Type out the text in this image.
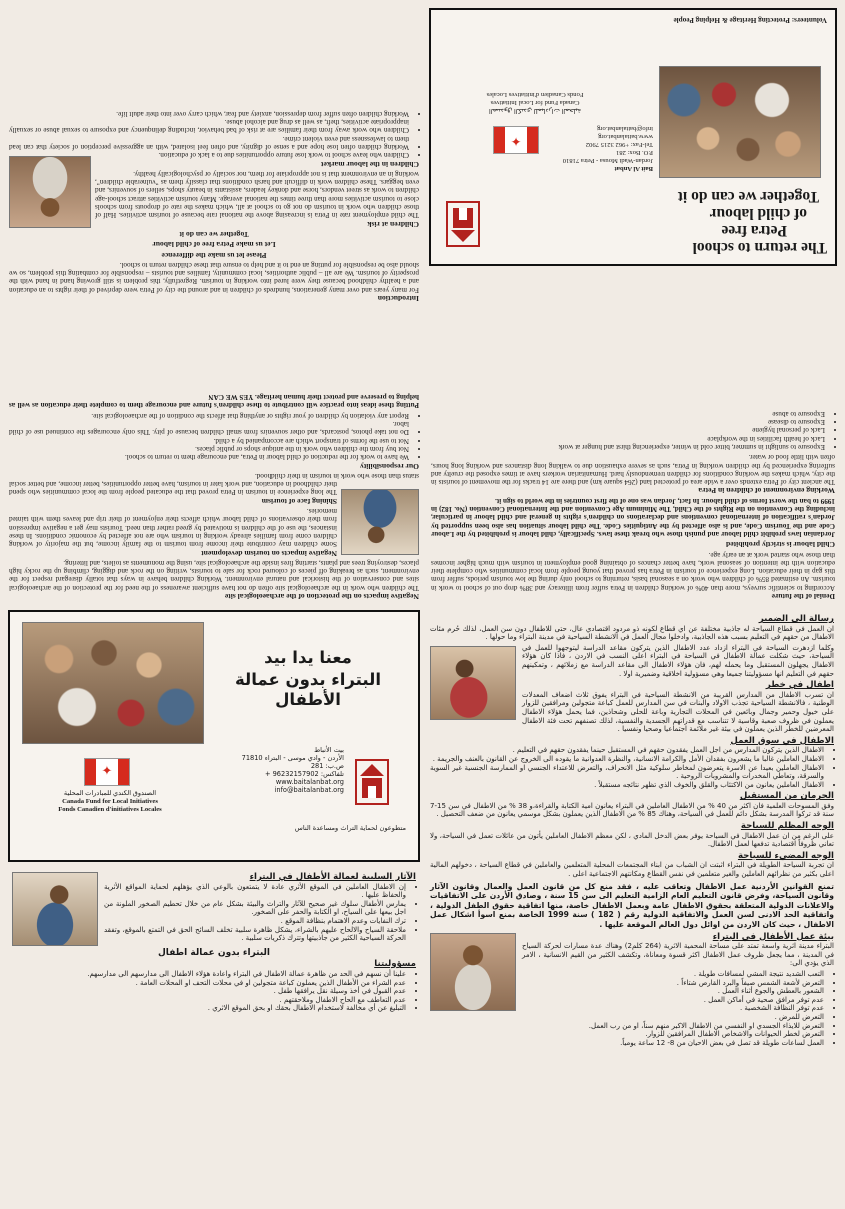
The return to school
Petra free
of child labour
Together we can do it
Bait Al Anbat
Jordan-Wadi Mousa - Petra 71810
P.O. Box: 281
Tel-Fax: +962 3215 7902
www.baitalanbat.org
info@baitalanbat.org
✦
الصندوق الكندي للمبادرات المحلية
Canada Fund for Local Initiatives
Fonds Canadien d'initiatives Locales
Volunteers: Protecting Heritage & Helping People
Introduction

For many years and over many generations, hundreds of children in and around the city of Petra were deprived of their rights to an education and a healthy childhood because they were lured into working in tourism. Regretfully, this problem is still growing hand in hand with the prosperity of tourism. We are all – public authorities, local community, families and tourists – responsible for combating this problem, so we should also be responsible for putting an end to it and help to ensure that these children return to school.

Please let us make the difference
Let us make Petra free of child labour
Together we can do it
Children at risk

The child employment rate in Petra is increasing above the national rate because of tourism activities. Half of those children who work in tourism do not go to school at all, which makes the rate of dropouts from schools close to tourism activities more than three times the national average. Many tourism activities attract school-age children to work as street vendors, horse and donkey leaders, assistants in beauty shops, sellers of souvenirs, and even beggars. These children work in difficult and harsh conditions that classify them as "vulnerable children", working in an environment that is not appropriate for them, nor socially or psychologically healthy.

Children in the labour market
• Children who leave school to work lose future opportunities due to a lack of education.
• Working children often lose hope and a sense of dignity, and often feel isolated, with an aggressive perception of society that can lead them to lawlessness and even violent crime.
• Children who work away from their families are at risk of bad behavior, including delinquency and exposure to sexual abuse or sexually inappropriate activities, theft, as well as drug and alcohol abuse.
• Working children often suffer from depression, anxiety and fear, which carry over into their adult life.
Denial of the future

According to scientific surveys, more than 40% of working children in Petra suffer from illiteracy and 38% drop out of school to work in tourism. An estimated 85% of children who work on a seasonal basis, returning to school only during the low tourism periods, suffer from this gap in their education. Long experience of tourism in Petra has proved that young people from local communities who complete their education with the intention of seasonal work, have better chances of obtaining good employment in tourism with much higher incomes than those who started work at an early age.

Child labour is strictly prohibited

Jordanian laws prohibit child labour and punish those who break these laws. Specifically, child labour is prohibited by the Labour Code and the Tourism Code, and is also affected by the Antiquities Code. The child labour situation has also been supported by Jordan's ratification of international conventions and declarations on children's rights in general and child labour in particular, including the Convention on the Rights of the Child, The Minimum Age Convention and the International Convention (No. 182) in 1999 to ban the worst forms of child labour. In fact, Jordan was one of the first countries in the world to sign it.

Working environment of children in Petra

The ancient city of Petra extends over a wide area of protected land (264 square km) and there are 14 tracks for the movement of tourists in the city, which makes the working conditions for children tremendously hard. Humanitarian workers have at times exposed the cruelty and suffering experienced by the children working in Petra, such as severe exhaustion due to walking long distances and working long hours, often with little food or water.

• Exposure to sunlight in summer, bitter cold in winter, experiencing thirst and hunger at work
• Lack of health facilities in the workplace
• Lack of personal hygiene
• Exposure to disease
• Exposure to abuse
Negative impacts on the protection of the archaeological site

The children who work in the archaeological site often do not have sufficient awareness of the need for the protection of the archaeological sites and conservation of the historical and natural environment. Working children behave in ways that totally disregard respect for the environment, such as breaking off pieces of coloured rock for sale to tourists, writing on the rock and digging, climbing up the rocky high places, destroying trees and plants, starting fires inside the archaeological site, using the monuments as toilets, and littering.

Negative impacts on tourism development

Some children may contribute their income from tourism to the family income, but the majority of working children come from families already working in tourism who are not affected by economic conditions. In these instances, the use of the children is motivated by greed rather than need. Tourists may get a negative impression from their observations of child labour which affects their enjoyment of their trip and leaves them with tainted memories.

Shining face of tourism

The long experience in tourism in Petra proved that the educated people from the local communities who spend their childhood in education, and work later in tourism, have better opportunities, better income, and better social status than those who work in tourism in their childhood.

Our responsibility
• We have to work for the reduction of child labour in Petra, and encourage them to return to school.
• Not buy from the children who work in the antique shops or public places.
• Not to use the forms of transport which are accompanied by a child.
• Do not take photos, postcards, and other souvenirs from small children because of pity. This only encourages the continued use of child labor.
• Report any violation by children of your rights or anything that affects the condition of the archaeological site.

Putting these ideas into practice will contribute to these children's future and encourage them to complete their education as well as helping to preserve and protect their human heritage. YES WE CAN

رسالة الى الضمير

ان العمل في قطاع السياحة له جاذبية مختلفة عن اي قطاع لكونه ذو مردود اقتصادي عال، حتى للاطفال دون سن العمل، لذلك حُرم مئات الاطفال من حقهم في التعليم بسبب هذه الجاذبية، وادخلوا مجال العمل في الانشطة السياحية في مدينة البتراء وما حولها .

وكلما ازدهرت السياحة في البتراء ازداد عدد الاطفال الذين يتركون مقاعد الدراسة ليتوجهوا للعمل في السياحة، حيث شكلت عمالة الاطفال في السياحة في البتراء اعلى النسب في الاردن ، فاذا كان هؤلاء الاطفال يجهلون المستقبل وما يحمله لهم، فان هؤلاء الاطفال الى مقاعد الدراسة مع زملائهم ، وتمكينهم حقهم في التعليم انها مسؤوليتنا جميعا وهي مسؤولية اخلاقية وضميرية اولا .

اطفال في خطر

ان تسرب الاطفال من المدارس القريبة من الانشطة السياحية في البتراء يفوق ثلاث اضعاف المعدلات الوطنية ، فالانشطة السياحية تجذب الاولاد والبنات في سن المدارس للعمل كباعة متجولين ومرافقين للزوار على خيول وحمير وجمال وبائعين في المحلات التجارية وباعة للحلى وشحاذين، فما يحمل هؤلاء الاطفال يعملون في ظروف صعبة وقاسية لا تتناسب مع قدراتهم الجسدية والنفسية، لذلك تصنفهم تحت فئة الاطفال المعرضين للخطر الذين يعملون في بيئة غير ملائمة اجتماعيا وصحيا ونفسيا .

الاطفال في سوق العمل
• الاطفال الذين يتركون المدارس من اجل العمل يفقدون حقهم في المستقبل حينما يفقدون حقهم في التعليم .
• الاطفال العاملين غالبا ما يشعرون بفقدان الأمل والكرامة الانسانية، والنظرة العدوانية ما يقوده الى الخروج عن القانون بالعنف والجريمة .
• الاطفال العاملين بعيدا عن الاسرة يتعرضون لمخاطر سلوكية مثل الانحراف، والتعرض للاعتداء الجنسي او الممارسة الجنسية غير السوية والسرقة، وتعاطي المخدرات والمشروبات الروحية .
• الاطفال العاملين يعانون من الاكتئاب والقلق والخوف الذي تظهر نتائجه مستقبلاً .
الحرمان من المستقبل

وفق المسوحات العلمية فان اكثر من 40 % من الاطفال العاملين في البتراء يعانون امية الكتابة والقراءة،و 38 % من الاطفال في سن 15-7 سنة قد تركوا المدرسة بشكل دائم للعمل في السياحة، وهناك 85 % من الاطفال الذين يعملون بشكل موسمي يعانون من ضعف التحصيل .

الوجه المظلم للسياحة

على الرغم من ان عمل الاطفال في السياحة يوفر بعض الدخل المادي ، لكن معظم الاطفال العاملين يأتون من عائلات تعمل في السياحة، ولا تعاني ظروفاً اقتصادية تدفعها لعمل الاطفال.

الوجه المضيء للسياحة

ان تجربة السياحة الطويلة في البتراء اثبتت ان الشباب من ابناء المجتمعات المحلية المتعلمين والعاملين في قطاع السياحة ، دخولهم المالية اعلى بكثير من نظرائهم العاملين والغير متعلمين في نفس القطاع ومكانتهم الاجتماعية اعلى .

تمنع القوانين الأردنية عمل الاطفال وتعاقب عليه ، فقد منع كل من قانون العمل والعمال وقانون الآثار وقانون السياحة، وفرض قانون التعليم العام الزامية التعليم الى سن 15 سنة ، وصادق الأردن على الاتفاقيات والاعلانات الدولية المتعلقة بحقوق الاطفال عامة وبعمل الاطفال خاصة، منها اتفاقية حقوق الطفل الدولية ، واتفاقية الحد الادنى لسن العمل والاتفاقية الدولية رقم ( 182 ) سنة 1999 الخاصة بمنع اسوأ اشكال عمل الاطفال ، حيث كان الاردن من اوائل دول العالم الموقعة عليها .

بيئة عمل الأطفال في البتراء

البتراء مدينة اثرية واسعة تمتد على مساحة المحمية الاثرية (264 كلم2) وهناك عدة مسارات لحركة السياح في المدينة ، مما يجعل ظروف عمل الاطفال اكثر قسوة ومعاناة، وتكشف الكثير من القيم الانسانية ، الامر الذي يؤدي الى:

• التعب الشديد نتيجة المشي لمسافات طويلة .
• التعرض لأشعة الشمس صيفاً والبرد القارص شتاءاً .
• الشعور بالعطش والجوع أثناء العمل .
• عدم توفر مرافق صحية في أماكن العمل .
• عدم توفر النظافة الشخصية .
• التعرض للمرض .
• التعرض للايذاء الجسدي او النفسي من الاطفال الاكبر منهم سناً، او من رب العمل.
• التعرض لخطر الحيوانات والاشخاص الاطفال المرافقين للزوار.
• العمل لساعات طويلة قد تصل في بعض الاحيان من 8- 12 ساعة يومياً.
معنا يدا بيد
البتراء بدون عمالة الأطفال
✦
الصندوق الكندي للمبادرات المحلية
Canada Fund for Local Initiatives
Fonds Canadien d'initiatives Locales
بيت الأنباط
الأردن - وادي موسى - البتراء 71810
ص.ب: 281
تلفاكس: 96232157902 +
www.baitalanbat.org
info@baitalanbat.org
متطوعون لحماية التراث ومساعدة الناس
الآثار السلبية لعمالة الأطفال في البتراء
• إن الاطفال العاملين في الموقع الأثري عادة لا يتمتعون بالوعي الذي يؤهلهم لحماية المواقع الأثرية والحفاظ عليها .
• يمارس الأطفال سلوك غير صحيح للآثار والتراث والبيئة بشكل عام من خلال تحطيم الصخور الملونة من اجل بيعها على السياح، او الكتابة والحفر على الصخور.
• ترك النفايات وعدم الاهتمام بنظافة الموقع .
• ملاحقة السياح والالحاح عليهم بالشراء، يشكل ظاهرة سلبية تخلف السائح الحق في التمتع بالموقع، وتفقد الحركة السياحية الكثير من جاذبيتها وتترك ذكريات سلبية .
البتراء بدون عمالة اطفال
مسؤوليتنا
• علينا أن نسهم في الحد من ظاهرة عمالة الاطفال في البتراء واعادة هؤلاء الاطفال الى مدارسهم الى مدارسهم.
• عدم الشراء من الأطفال الذين يعملون كباعة متجولين او في محلات التحف او المحلات العامة .
• عدم القبول في أخذ وسيلة نقل يرافقها طفل .
• عدم التعاطف مع الحاح الاطفال وملاحقتهم .
• التبليغ عن أي مخالفة لاستخدام الاطفال بحقك او بحق الموقع الاثري .
